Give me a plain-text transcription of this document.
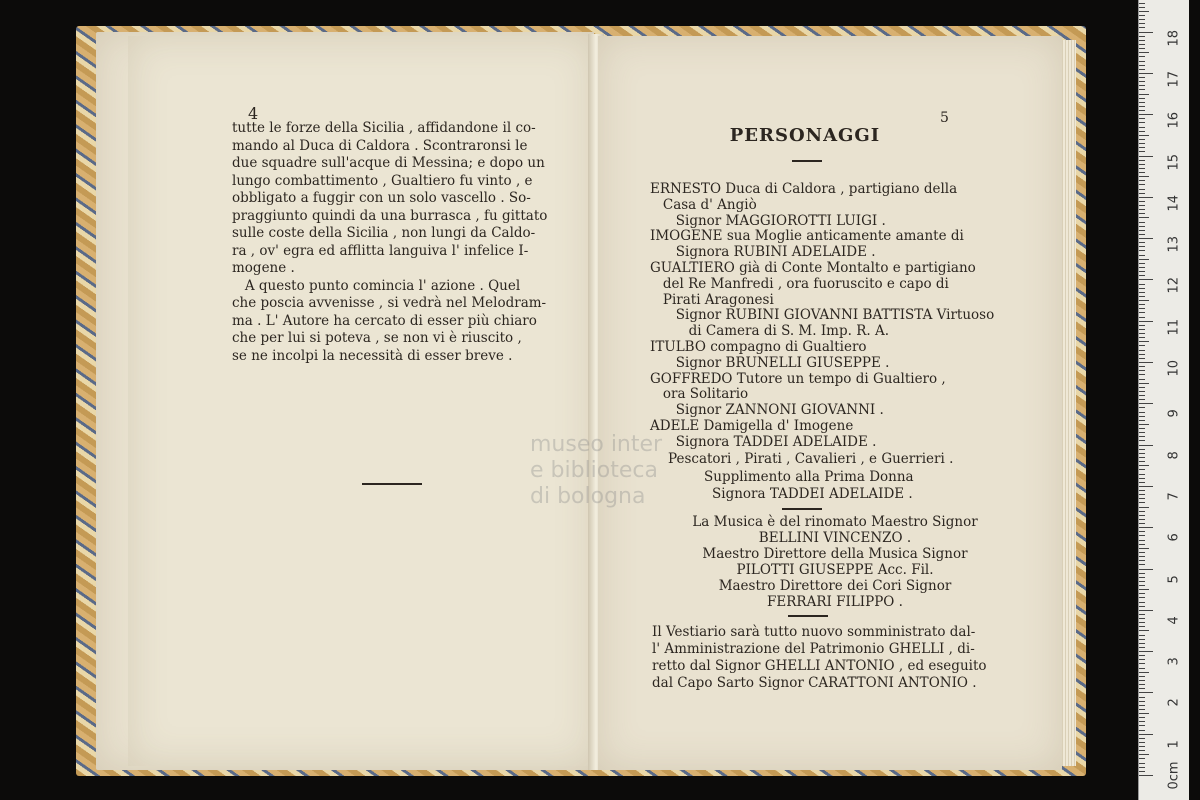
museo inter
e biblioteca
di bologna
4
tutte le forze della Sicilia , affidandone il co-
mando al Duca di Caldora . Scontraronsi le
due squadre sull'acque di Messina; e dopo un
lungo combattimento , Gualtiero fu vinto , e
obbligato a fuggir con un solo vascello . So-
praggiunto quindi da una burrasca , fu gittato
sulle coste della Sicilia , non lungi da Caldo-
ra , ov' egra ed afflitta languiva l' infelice I-
mogene .
A questo punto comincia l' azione . Quel
che poscia avvenisse , si vedrà nel Melodram-
ma . L' Autore ha cercato di esser più chiaro
che per lui si poteva , se non vi è riuscito ,
se ne incolpi la necessità di esser breve .
5
PERSONAGGI
ERNESTO Duca di Caldora , partigiano della
Casa d' Angiò
Signor MAGGIOROTTI LUIGI .
IMOGENE sua Moglie anticamente amante di
Signora RUBINI ADELAIDE .
GUALTIERO già di Conte Montalto e partigiano
del Re Manfredi , ora fuoruscito e capo di
Pirati Aragonesi
Signor RUBINI GIOVANNI BATTISTA Virtuoso
di Camera di S. M. Imp. R. A.
ITULBO compagno di Gualtiero
Signor BRUNELLI GIUSEPPE .
GOFFREDO Tutore un tempo di Gualtiero ,
ora Solitario
Signor ZANNONI GIOVANNI .
ADELE Damigella d' Imogene
Signora TADDEI ADELAIDE .
Pescatori , Pirati , Cavalieri , e Guerrieri .
Supplimento alla Prima Donna
Signora TADDEI ADELAIDE .
La Musica è del rinomato Maestro Signor
BELLINI VINCENZO .
Maestro Direttore della Musica Signor
PILOTTI GIUSEPPE Acc. Fil.
Maestro Direttore dei Cori Signor
FERRARI FILIPPO .
Il Vestiario sarà tutto nuovo somministrato dal-
l' Amministrazione del Patrimonio GHELLI , di-
retto dal Signor GHELLI ANTONIO , ed eseguito
dal Capo Sarto Signor CARATTONI ANTONIO .
0cm
1
2
3
4
5
6
7
8
9
10
11
12
13
14
15
16
17
18
